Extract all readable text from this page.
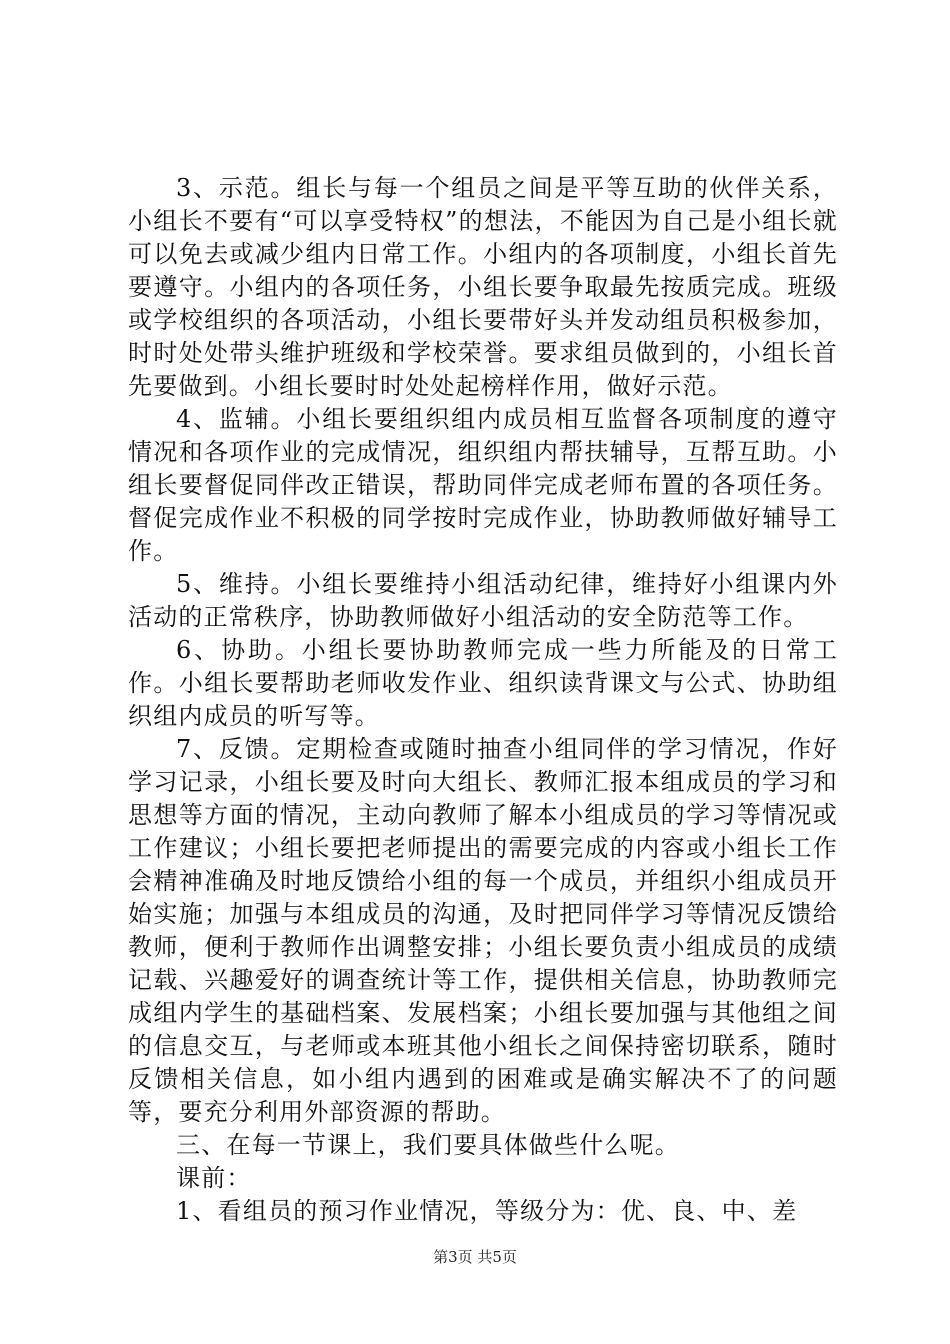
3、示范。组长与每一个组员之间是平等互助的伙伴关系，小组长不要有“可以享受特权”的想法，不能因为自己是小组长就可以免去或减少组内日常工作。小组内的各项制度，小组长首先要遵守。小组内的各项任务，小组长要争取最先按质完成。班级或学校组织的各项活动，小组长要带好头并发动组员积极参加，时时处处带头维护班级和学校荣誉。要求组员做到的，小组长首先要做到。小组长要时时处处起榜样作用，做好示范。

4、监辅。小组长要组织组内成员相互监督各项制度的遵守情况和各项作业的完成情况，组织组内帮扶辅导，互帮互助。小组长要督促同伴改正错误，帮助同伴完成老师布置的各项任务。督促完成作业不积极的同学按时完成作业，协助教师做好辅导工作。

5、维持。小组长要维持小组活动纪律，维持好小组课内外活动的正常秩序，协助教师做好小组活动的安全防范等工作。

6、协助。小组长要协助教师完成一些力所能及的日常工作。小组长要帮助老师收发作业、组织读背课文与公式、协助组织组内成员的听写等。

7、反馈。定期检查或随时抽查小组同伴的学习情况，作好学习记录，小组长要及时向大组长、教师汇报本组成员的学习和思想等方面的情况，主动向教师了解本小组成员的学习等情况或工作建议；小组长要把老师提出的需要完成的内容或小组长工作会精神准确及时地反馈给小组的每一个成员，并组织小组成员开始实施；加强与本组成员的沟通，及时把同伴学习等情况反馈给教师，便利于教师作出调整安排；小组长要负责小组成员的成绩记载、兴趣爱好的调查统计等工作，提供相关信息，协助教师完成组内学生的基础档案、发展档案；小组长要加强与其他组之间的信息交互，与老师或本班其他小组长之间保持密切联系，随时反馈相关信息，如小组内遇到的困难或是确实解决不了的问题等，要充分利用外部资源的帮助。

三、在每一节课上，我们要具体做些什么呢。

课前：

1、看组员的预习作业情况，等级分为：优、良、中、差

第3页 共5页
